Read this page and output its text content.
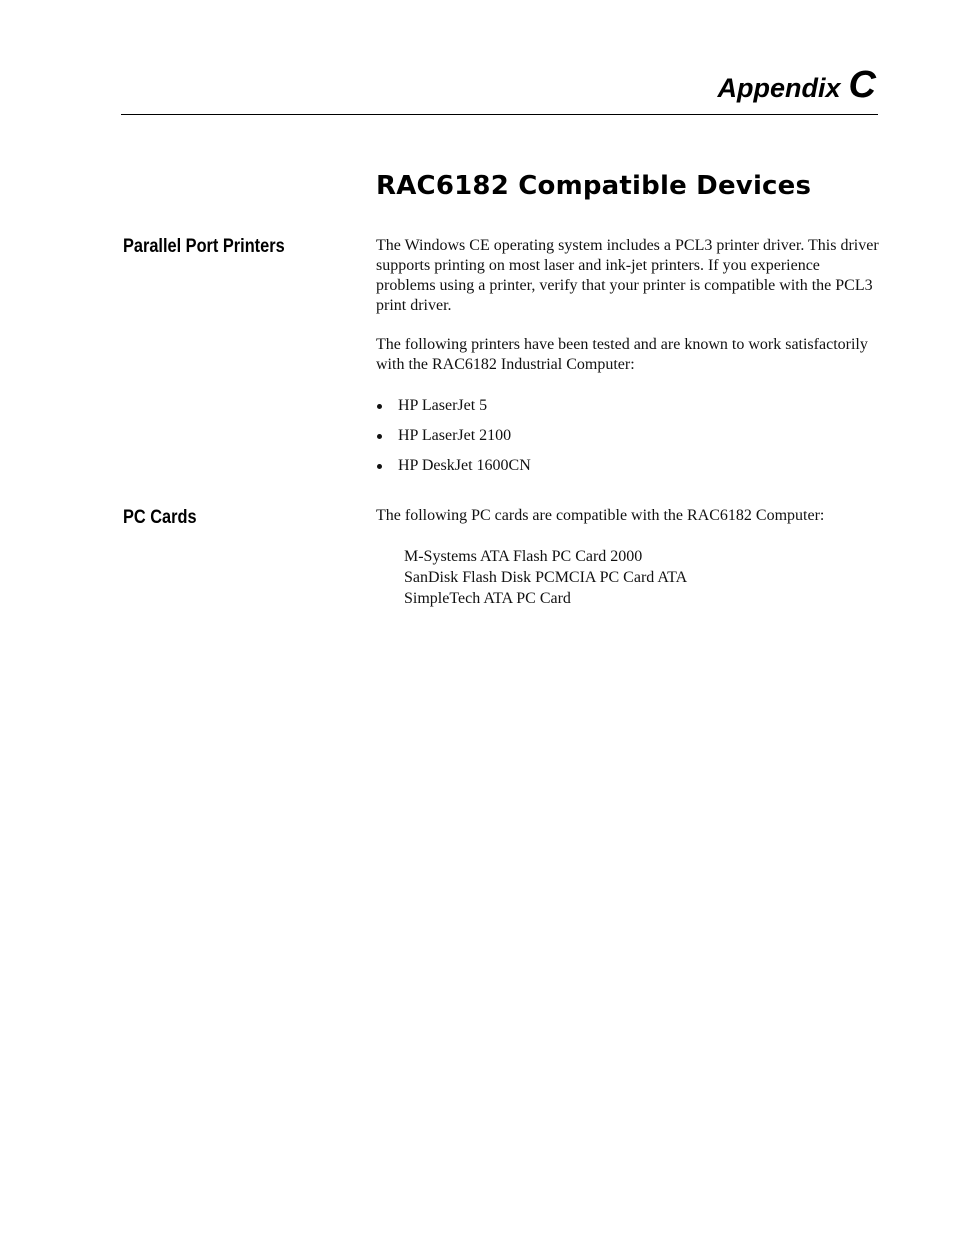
Appendix C
RAC6182 Compatible Devices
Parallel Port Printers	The Windows CE operating system includes a PCL3 printer driver. This driver supports printing on most laser and ink-jet printers. If you experience problems using a printer, verify that your printer is compatible with the PCL3 print driver.

The following printers have been tested and are known to work satisfactorily with the RAC6182 Industrial Computer:

HP LaserJet 5
HP LaserJet 2100
HP DeskJet 1600CN
PC Cards	The following PC cards are compatible with the RAC6182 Computer:

M-Systems ATA Flash PC Card 2000
SanDisk Flash Disk PCMCIA PC Card ATA
SimpleTech ATA PC Card
